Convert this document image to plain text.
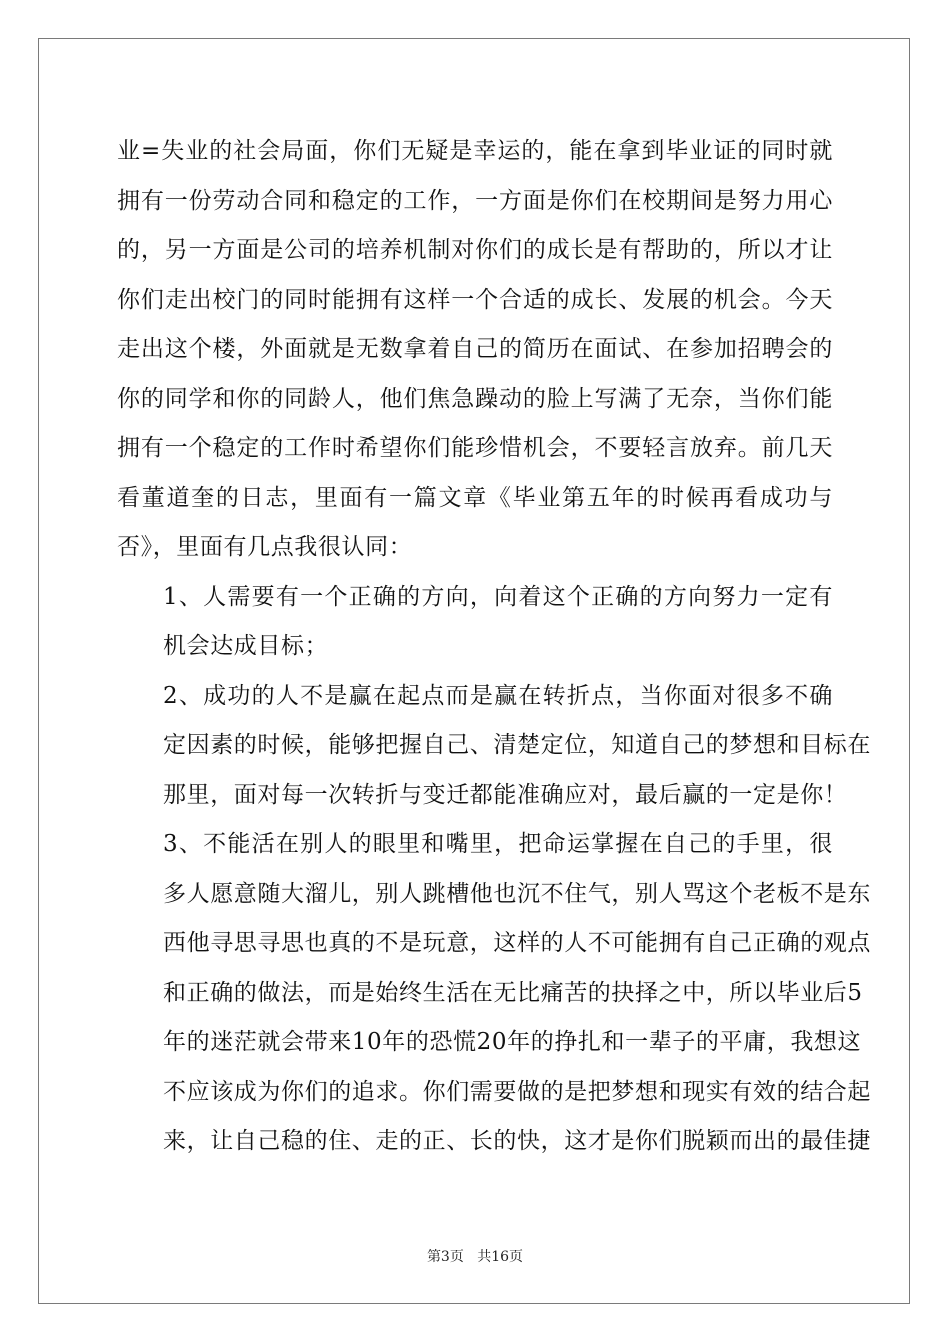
业=失业的社会局面，你们无疑是幸运的，能在拿到毕业证的同时就
拥有一份劳动合同和稳定的工作，一方面是你们在校期间是努力用心
的，另一方面是公司的培养机制对你们的成长是有帮助的，所以才让
你们走出校门的同时能拥有这样一个合适的成长、发展的机会。今天
走出这个楼，外面就是无数拿着自己的简历在面试、在参加招聘会的
你的同学和你的同龄人，他们焦急躁动的脸上写满了无奈，当你们能
拥有一个稳定的工作时希望你们能珍惜机会，不要轻言放弃。前几天
看董道奎的日志，里面有一篇文章《毕业第五年的时候再看成功与
否》，里面有几点我很认同：
1、人需要有一个正确的方向，向着这个正确的方向努力一定有
机会达成目标；
2、成功的人不是赢在起点而是赢在转折点，当你面对很多不确
定因素的时候，能够把握自己、清楚定位，知道自己的梦想和目标在
那里，面对每一次转折与变迁都能准确应对，最后赢的一定是你！
3、不能活在别人的眼里和嘴里，把命运掌握在自己的手里，很
多人愿意随大溜儿，别人跳槽他也沉不住气，别人骂这个老板不是东
西他寻思寻思也真的不是玩意，这样的人不可能拥有自己正确的观点
和正确的做法，而是始终生活在无比痛苦的抉择之中，所以毕业后5
年的迷茫就会带来10年的恐慌20年的挣扎和一辈子的平庸，我想这
不应该成为你们的追求。你们需要做的是把梦想和现实有效的结合起
来，让自己稳的住、走的正、长的快，这才是你们脱颖而出的最佳捷
第3页 共16页
